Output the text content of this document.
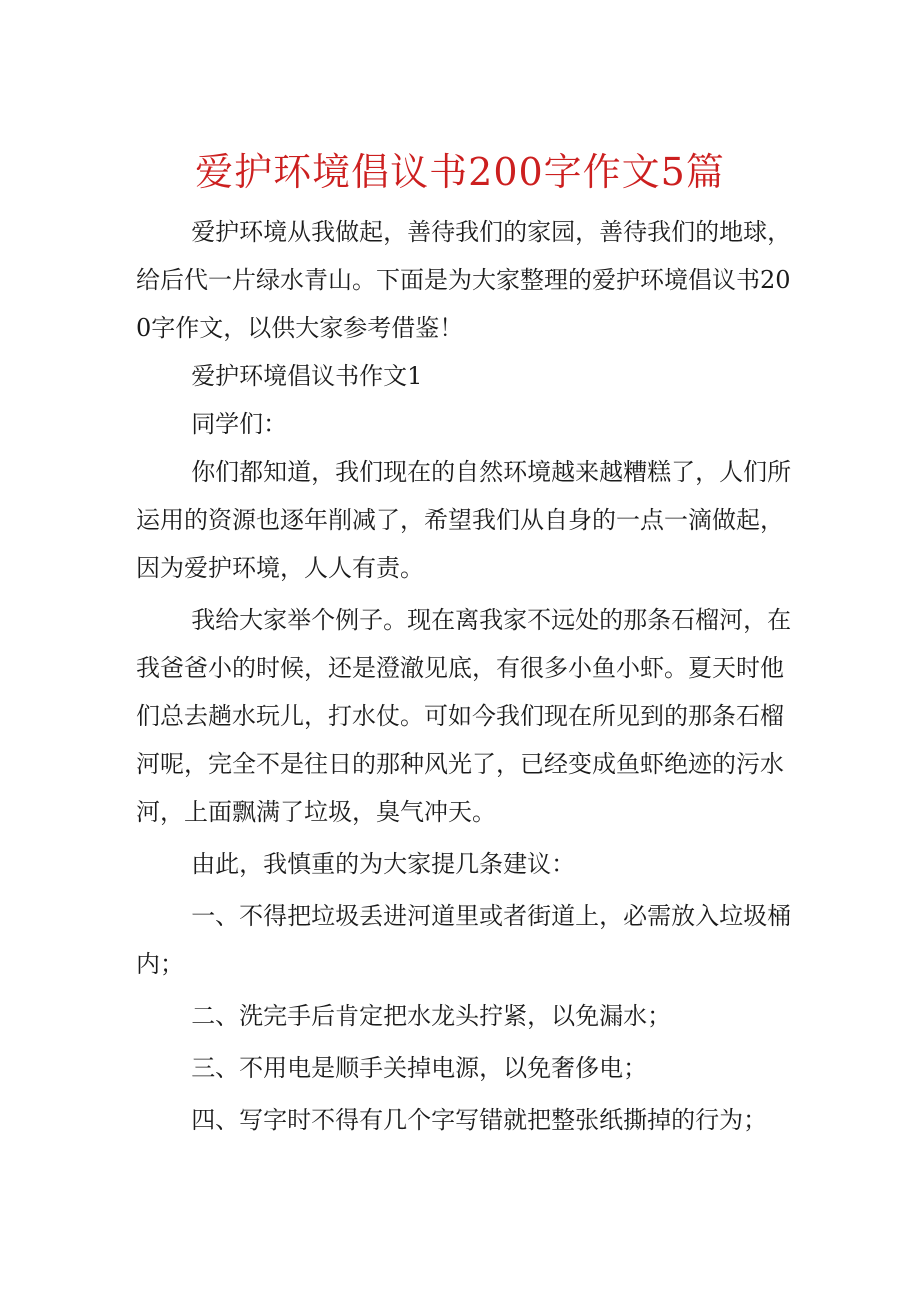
爱护环境倡议书200字作文5篇

爱护环境从我做起，善待我们的家园，善待我们的地球，给后代一片绿水青山。下面是为大家整理的爱护环境倡议书200字作文，以供大家参考借鉴！

爱护环境倡议书作文1

同学们：

你们都知道，我们现在的自然环境越来越糟糕了，人们所运用的资源也逐年削减了，希望我们从自身的一点一滴做起，因为爱护环境，人人有责。

我给大家举个例子。现在离我家不远处的那条石榴河，在我爸爸小的时候，还是澄澈见底，有很多小鱼小虾。夏天时他们总去趟水玩儿，打水仗。可如今我们现在所见到的那条石榴河呢，完全不是往日的那种风光了，已经变成鱼虾绝迹的污水河，上面飘满了垃圾，臭气冲天。

由此，我慎重的为大家提几条建议：

一、不得把垃圾丢进河道里或者街道上，必需放入垃圾桶内；

二、洗完手后肯定把水龙头拧紧，以免漏水；

三、不用电是顺手关掉电源，以免奢侈电；

四、写字时不得有几个字写错就把整张纸撕掉的行为；
